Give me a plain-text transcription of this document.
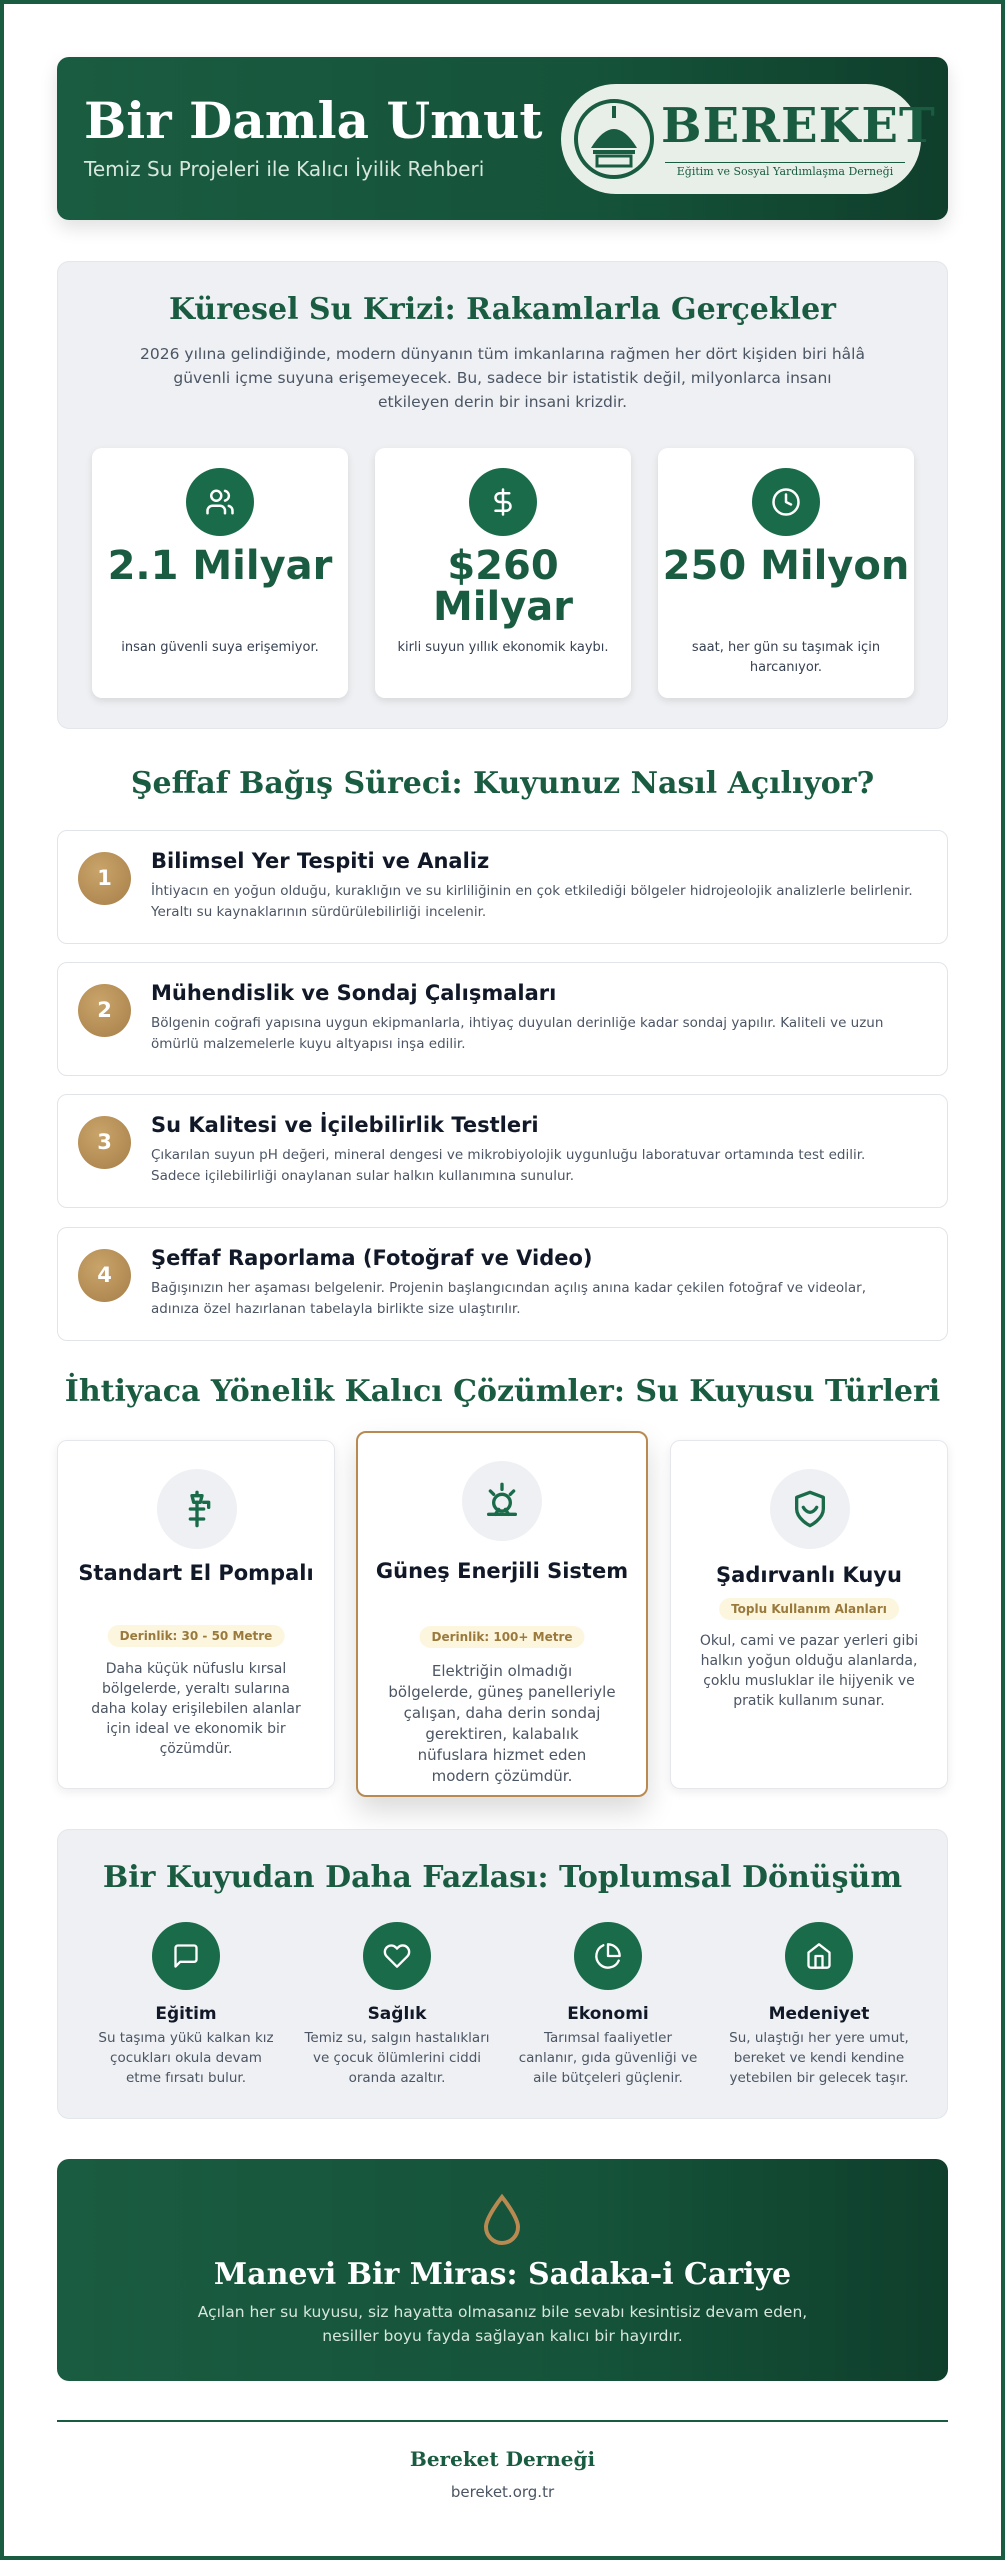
Bir Damla Umut
Temiz Su Projeleri ile Kalıcı İyilik Rehberi
BEREKET
Eğitim ve Sosyal Yardımlaşma Derneği
Küresel Su Krizi: Rakamlarla Gerçekler
2026 yılına gelindiğinde, modern dünyanın tüm imkanlarına rağmen her dört kişiden biri hâlâ güvenli içme suyuna erişemeyecek. Bu, sadece bir istatistik değil, milyonlarca insanı etkileyen derin bir insani krizdir.
2.1 Milyar
insan güvenli suya erişemiyor.
$260 Milyar
kirli suyun yıllık ekonomik kaybı.
250 Milyon
saat, her gün su taşımak için harcanıyor.
Şeffaf Bağış Süreci: Kuyunuz Nasıl Açılıyor?
1
Bilimsel Yer Tespiti ve Analiz
İhtiyacın en yoğun olduğu, kuraklığın ve su kirliliğinin en çok etkilediği bölgeler hidrojeolojik analizlerle belirlenir. Yeraltı su kaynaklarının sürdürülebilirliği incelenir.
2
Mühendislik ve Sondaj Çalışmaları
Bölgenin coğrafi yapısına uygun ekipmanlarla, ihtiyaç duyulan derinliğe kadar sondaj yapılır. Kaliteli ve uzun ömürlü malzemelerle kuyu altyapısı inşa edilir.
3
Su Kalitesi ve İçilebilirlik Testleri
Çıkarılan suyun pH değeri, mineral dengesi ve mikrobiyolojik uygunluğu laboratuvar ortamında test edilir. Sadece içilebilirliği onaylanan sular halkın kullanımına sunulur.
4
Şeffaf Raporlama (Fotoğraf ve Video)
Bağışınızın her aşaması belgelenir. Projenin başlangıcından açılış anına kadar çekilen fotoğraf ve videolar, adınıza özel hazırlanan tabelayla birlikte size ulaştırılır.
İhtiyaca Yönelik Kalıcı Çözümler: Su Kuyusu Türleri
Standart El Pompalı
Derinlik: 30 - 50 Metre
Daha küçük nüfuslu kırsal bölgelerde, yeraltı sularına daha kolay erişilebilen alanlar için ideal ve ekonomik bir çözümdür.
Güneş Enerjili Sistem
Derinlik: 100+ Metre
Elektriğin olmadığı bölgelerde, güneş panelleriyle çalışan, daha derin sondaj gerektiren, kalabalık nüfuslara hizmet eden modern çözümdür.
Şadırvanlı Kuyu
Toplu Kullanım Alanları
Okul, cami ve pazar yerleri gibi halkın yoğun olduğu alanlarda, çoklu musluklar ile hijyenik ve pratik kullanım sunar.
Bir Kuyudan Daha Fazlası: Toplumsal Dönüşüm
Eğitim
Su taşıma yükü kalkan kız çocukları okula devam etme fırsatı bulur.
Sağlık
Temiz su, salgın hastalıkları ve çocuk ölümlerini ciddi oranda azaltır.
Ekonomi
Tarımsal faaliyetler canlanır, gıda güvenliği ve aile bütçeleri güçlenir.
Medeniyet
Su, ulaştığı her yere umut, bereket ve kendi kendine yetebilen bir gelecek taşır.
Manevi Bir Miras: Sadaka-i Cariye

Açılan her su kuyusu, siz hayatta olmasanız bile sevabı kesintisiz devam eden, nesiller boyu fayda sağlayan kalıcı bir hayırdır.

Bereket Derneği
bereket.org.tr
